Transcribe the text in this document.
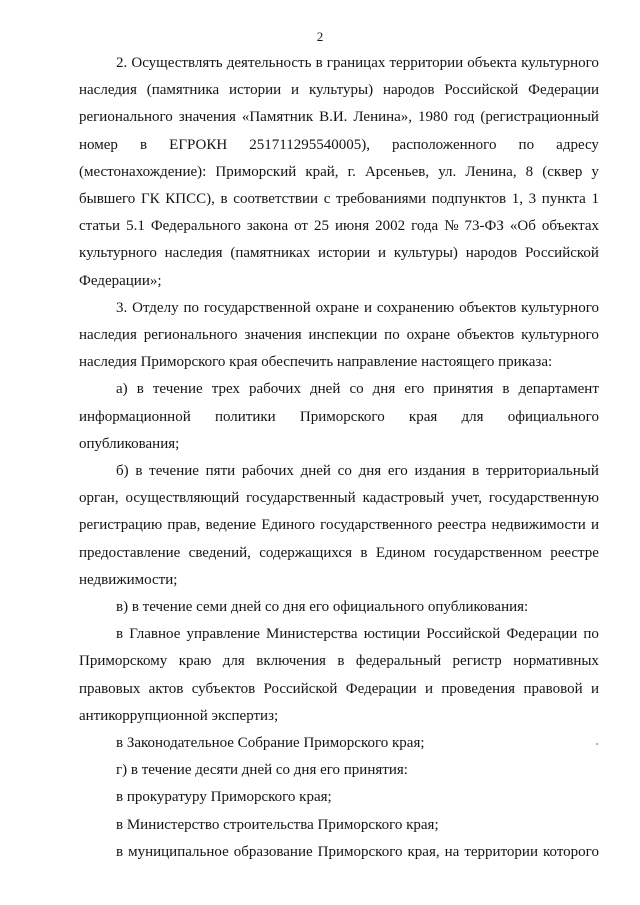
2
2. Осуществлять деятельность в границах территории объекта культурного
наследия (памятника истории и культуры) народов Российской Федерации
регионального значения «Памятник В.И. Ленина», 1980 год (регистрационный
номер в ЕГРОКН 251711295540005), расположенного по адресу
(местонахождение): Приморский край, г. Арсеньев, ул. Ленина, 8 (сквер у
бывшего ГК КПСС), в соответствии с требованиями подпунктов 1, 3 пункта 1
статьи 5.1 Федерального закона от 25 июня 2002 года № 73-ФЗ «Об объектах
культурного наследия (памятниках истории и культуры) народов Российской
Федерации»;
3. Отделу по государственной охране и сохранению объектов культурного
наследия регионального значения инспекции по охране объектов культурного
наследия Приморского края обеспечить направление настоящего приказа:
а) в течение трех рабочих дней со дня его принятия в департамент
информационной политики Приморского края для официального
опубликования;
б) в течение пяти рабочих дней со дня его издания в территориальный
орган, осуществляющий государственный кадастровый учет, государственную
регистрацию прав, ведение Единого государственного реестра недвижимости и
предоставление сведений, содержащихся в Едином государственном реестре
недвижимости;
в) в течение семи дней со дня его официального опубликования:
в Главное управление Министерства юстиции Российской Федерации по
Приморскому краю для включения в федеральный регистр нормативных
правовых актов субъектов Российской Федерации и проведения правовой и
антикоррупционной экспертиз;
в Законодательное Собрание Приморского края;
г) в течение десяти дней со дня его принятия:
в прокуратуру Приморского края;
в Министерство строительства Приморского края;
в муниципальное образование Приморского края, на территории которого
